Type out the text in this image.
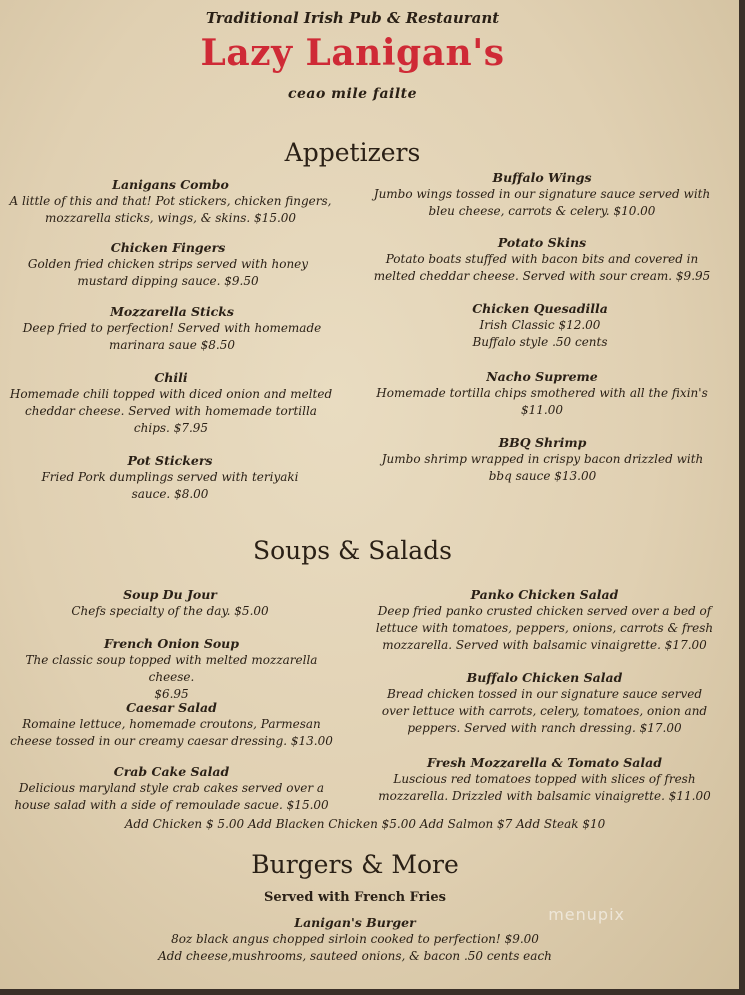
Traditional Irish Pub & Restaurant
Lazy Lanigan's
ceao mile failte
Appetizers
Lanigans Combo
A little of this and that! Pot stickers, chicken fingers, mozzarella sticks, wings, & skins. $15.00
Chicken Fingers
Golden fried chicken strips served with honey mustard dipping sauce. $9.50
Mozzarella Sticks
Deep fried to perfection! Served with homemade marinara saue $8.50
Chili
Homemade chili topped with diced onion and melted cheddar cheese. Served with homemade tortilla chips. $7.95
Pot Stickers
Fried Pork dumplings served with teriyaki sauce. $8.00
Buffalo Wings
Jumbo wings tossed in our signature sauce served with bleu cheese, carrots & celery. $10.00
Potato Skins
Potato boats stuffed with bacon bits and covered in melted cheddar cheese. Served with sour cream. $9.95
Chicken Quesadilla
Irish Classic $12.00
Buffalo style .50 cents
Nacho Supreme
Homemade tortilla chips smothered with all the fixin's
$11.00
BBQ Shrimp
Jumbo shrimp wrapped in crispy bacon drizzled with bbq sauce $13.00
Soups & Salads
Soup Du Jour
Chefs specialty of the day. $5.00
French Onion Soup
The classic soup topped with melted mozzarella cheese.
$6.95
Caesar Salad
Romaine lettuce, homemade croutons, Parmesan cheese tossed in our creamy caesar dressing. $13.00
Crab Cake Salad
Delicious maryland style crab cakes served over a house salad with a side of remoulade sacue. $15.00
Panko Chicken Salad
Deep fried panko crusted chicken served over a bed of lettuce with tomatoes, peppers, onions, carrots & fresh mozzarella. Served with balsamic vinaigrette. $17.00
Buffalo Chicken Salad
Bread chicken tossed in our signature sauce served over lettuce with carrots, celery, tomatoes, onion and peppers. Served with ranch dressing. $17.00
Fresh Mozzarella & Tomato Salad
Luscious red tomatoes topped with slices of fresh mozzarella. Drizzled with balsamic vinaigrette. $11.00
Add Chicken $ 5.00 Add Blacken Chicken $5.00 Add Salmon $7 Add Steak $10
Burgers & More
Served with French Fries
Lanigan's Burger
8oz black angus chopped sirloin cooked to perfection! $9.00
Add cheese,mushrooms, sauteed onions, & bacon .50 cents each
menupix
